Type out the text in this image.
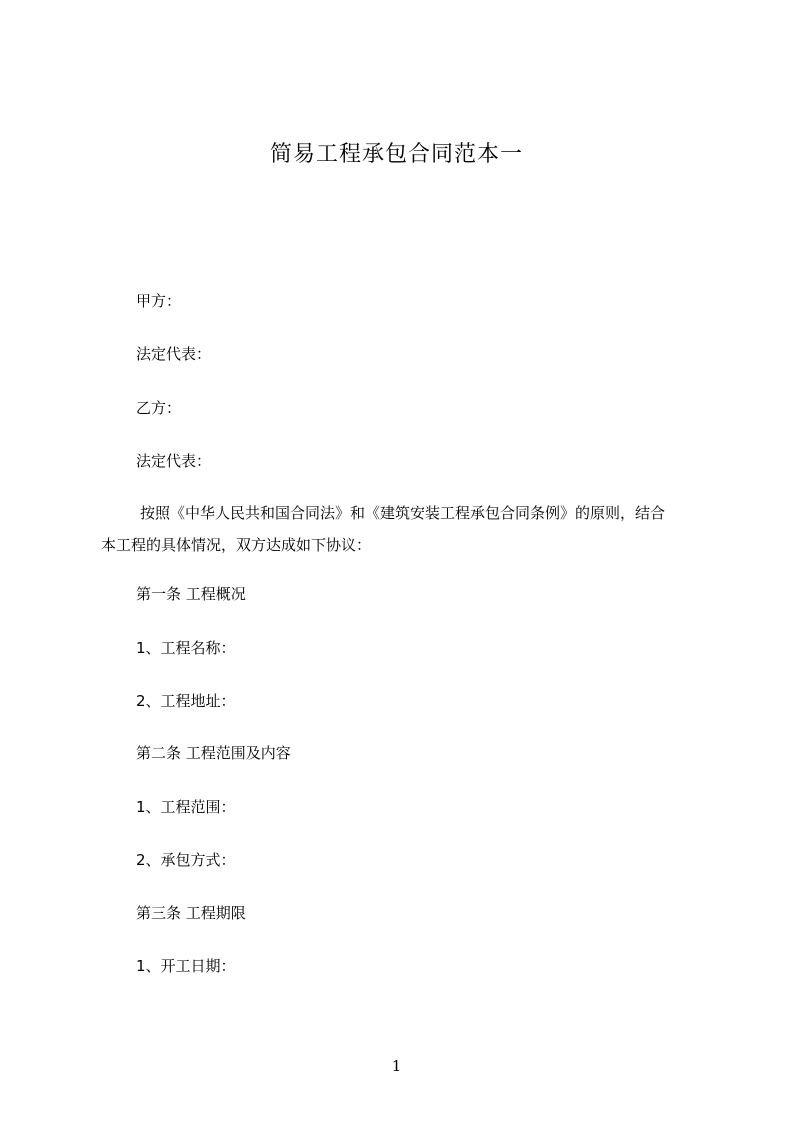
简易工程承包合同范本一
甲方：
法定代表：
乙方：
法定代表：
按照《中华人民共和国合同法》和《建筑安装工程承包合同条例》的原则，结合
本工程的具体情况，双方达成如下协议：
第一条 工程概况
1、工程名称：
2、工程地址：
第二条 工程范围及内容
1、工程范围：
2、承包方式：
第三条 工程期限
1、开工日期：
1
